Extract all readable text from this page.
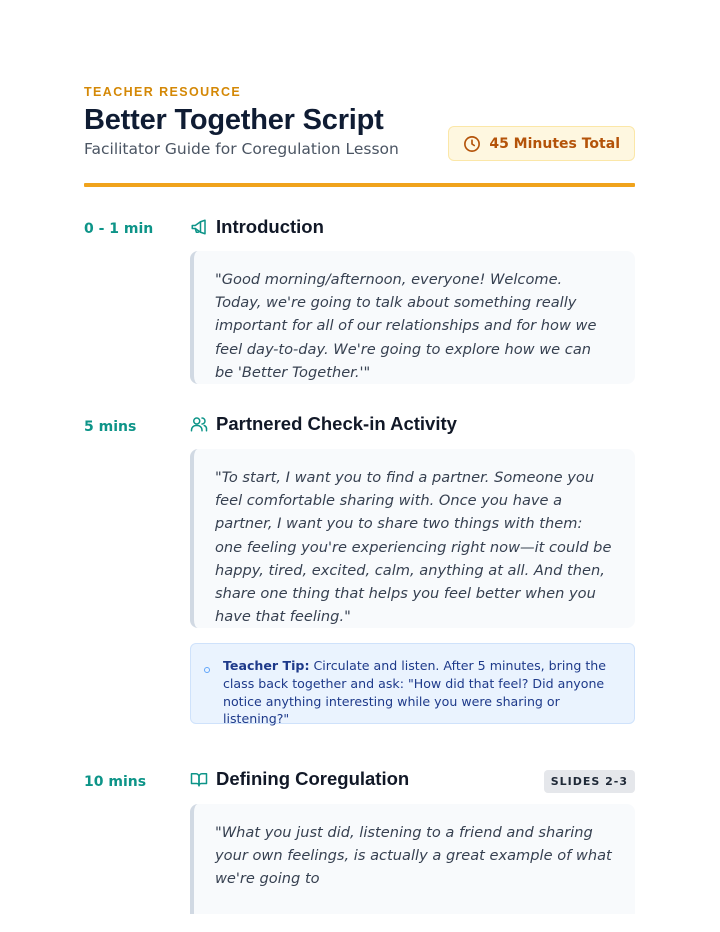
TEACHER RESOURCE
Better Together Script
Facilitator Guide for Coregulation Lesson	45 Minutes Total
0 - 1 min	Introduction
"Good morning/afternoon, everyone! Welcome. Today, we're going to talk about something really important for all of our relationships and for how we feel day-to-day. We're going to explore how we can be 'Better Together.'"
5 mins	Partnered Check-in Activity
"To start, I want you to find a partner. Someone you feel comfortable sharing with. Once you have a partner, I want you to share two things with them: one feeling you're experiencing right now—it could be happy, tired, excited, calm, anything at all. And then, share one thing that helps you feel better when you have that feeling."
Teacher Tip: Circulate and listen. After 5 minutes, bring the class back together and ask: "How did that feel? Did anyone notice anything interesting while you were sharing or listening?"
10 mins	Defining Coregulation	SLIDES 2-3
"What you just did, listening to a friend and sharing your own feelings, is actually a great example of what we're going to
